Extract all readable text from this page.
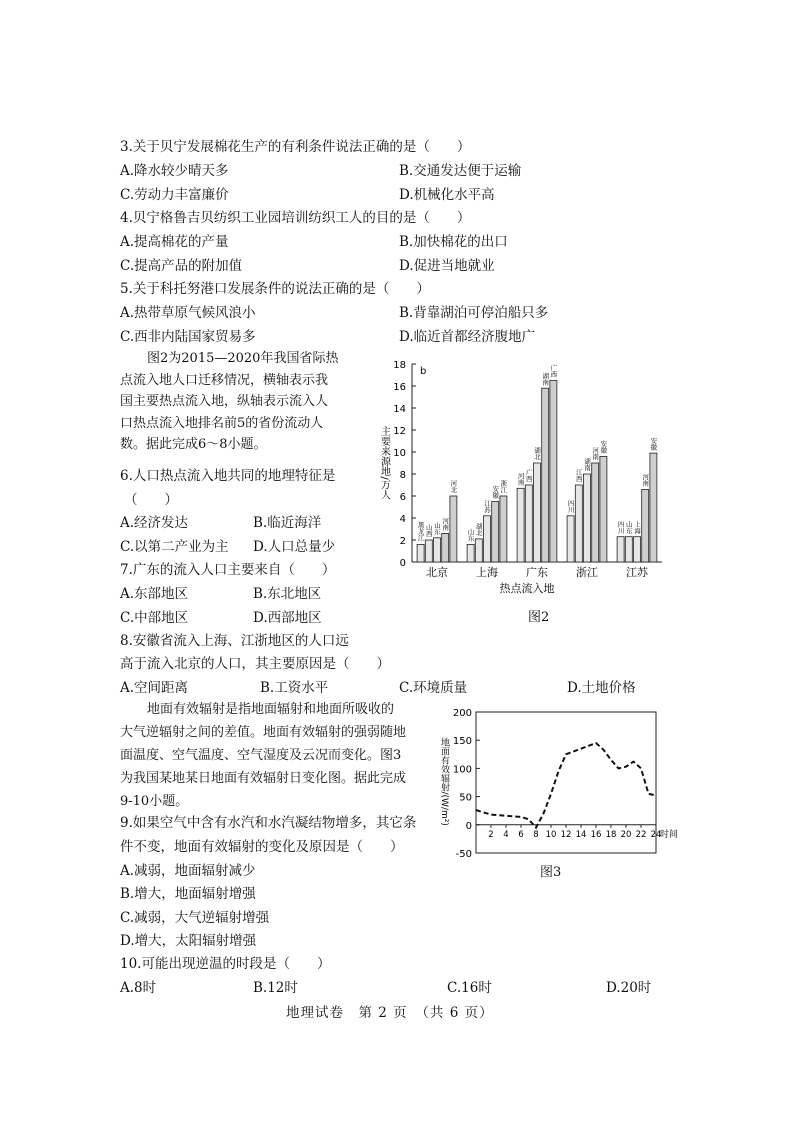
3.关于贝宁发展棉花生产的有利条件说法正确的是（　　）
A.降水较少晴天多	B.交通发达便于运输
C.劳动力丰富廉价	D.机械化水平高
4.贝宁格鲁吉贝纺织工业园培训纺织工人的目的是（　　）
A.提高棉花的产量	B.加快棉花的出口
C.提高产品的附加值	D.促进当地就业
5.关于科托努港口发展条件的说法正确的是（　　）
A.热带草原气候风浪小	B.背靠湖泊可停泊船只多
C.西非内陆国家贸易多	D.临近首都经济腹地广
图2为2015—2020年我国省际热
点流入地人口迁移情况，横轴表示我
国主要热点流入地，纵轴表示流入人
口热点流入地排名前5的省份流动人
数。据此完成6～8小题。
6.人口热点流入地共同的地理特征是
（　　）
A.经济发达	B.临近海洋
C.以第二产业为主 D.人口总量少
7.广东的流入人口主要来自（　　）
A.东部地区	B.东北地区
C.中部地区	D.西部地区
8.安徽省流入上海、江浙地区的人口远
高于流入北京的人口，其主要原因是（　　）
A.空间距离	B.工资水平	C.环境质量	D.土地价格
地面有效辐射是指地面辐射和地面所吸收的
大气逆辐射之间的差值。地面有效辐射的强弱随地
面温度、空气温度、空气湿度及云况而变化。图3
为我国某地某日地面有效辐射日变化图。据此完成
9-10小题。
9.如果空气中含有水汽和水汽凝结物增多，其它条
件不变，地面有效辐射的变化及原因是（　　）
A.减弱，地面辐射减少
B.增大，地面辐射增强
C.减弱，大气逆辐射增强
D.增大，太阳辐射增强
10.可能出现逆温的时段是（　　）
A.8时	B.12时	C.16时	D.20时
0
2
4
6
8
10
12
14
16
18
b
主要来源地/万人
黑龙江 山西 山东 河南
河北
北京
山东 湖北
江苏
安徽 浙江
上海
河南 广西
湖北
湖南
广西
广东
四川
江西
湖南
河南
安徽
浙江
四川 山东 上海
河南
安徽
江苏
热点流入地
图2
-50
0
50
100
150
200
2 4 6 8 10 12 14 16 18 20 22 24
时间
地面有效辐射/(W/m²)
图3
地理试卷　第 2 页　（共 6 页）
